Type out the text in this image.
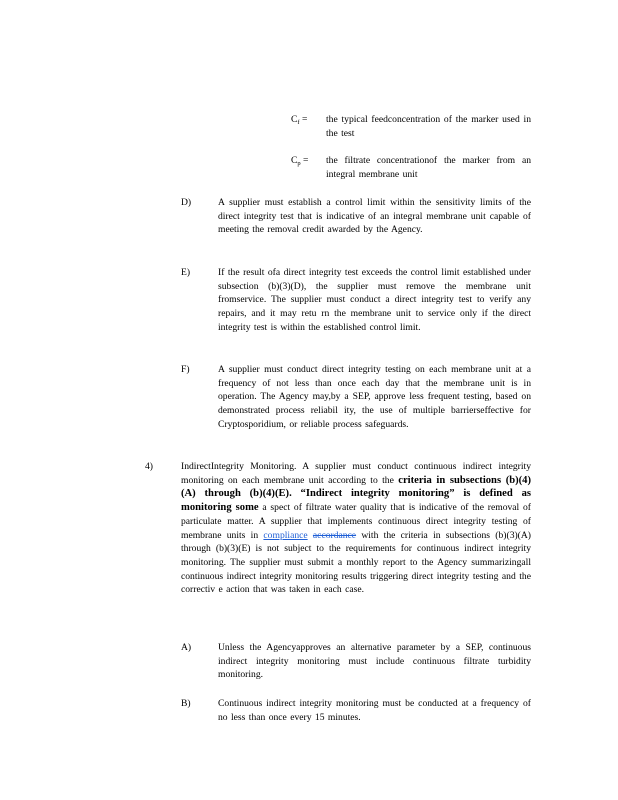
$C_f$ = the typical feedconcentration of the marker used in the test
$C_p$ = the filtrate concentrationof the marker from an integral membrane unit
D)	A supplier must establish a control limit within the sensitivity limits of the direct integrity test that is indicative of an integral membrane unit capable of meeting the removal credit awarded by the Agency.
E)	If the result ofa direct integrity test exceeds the control limit established under subsection (b)(3)(D), the supplier must remove the membrane unit fromservice. The supplier must conduct a direct integrity test to verify any repairs, and it may retu rn the membrane unit to service only if the direct integrity test is within the established control limit.
F)	A supplier must conduct direct integrity testing on each membrane unit at a frequency of not less than once each day that the membrane unit is in operation. The Agency may,by a SEP, approve less frequent testing, based on demonstrated process reliabil ity, the use of multiple barrierseffective for Cryptosporidium, or reliable process safeguards.
4)	IndirectIntegrity Monitoring. A supplier must conduct continuous indirect integrity monitoring on each membrane unit according to the criteria in subsections (b)(4)(A) through (b)(4)(E). “Indirect integrity monitoring” is defined as monitoring some a spect of filtrate water quality that is indicative of the removal of particulate matter. A supplier that implements continuous direct integrity testing of membrane units in compliance accordance with the criteria in subsections (b)(3)(A) through (b)(3)(E) is not subject to the requirements for continuous indirect integrity monitoring. The supplier must submit a monthly report to the Agency summarizingall continuous indirect integrity monitoring results triggering direct integrity testing and the correctiv e action that was taken in each case.
A)	Unless the Agencyapproves an alternative parameter by a SEP, continuous indirect integrity monitoring must include continuous filtrate turbidity monitoring.
B)	Continuous indirect integrity monitoring must be conducted at a frequency of no less than once every 15 minutes.
